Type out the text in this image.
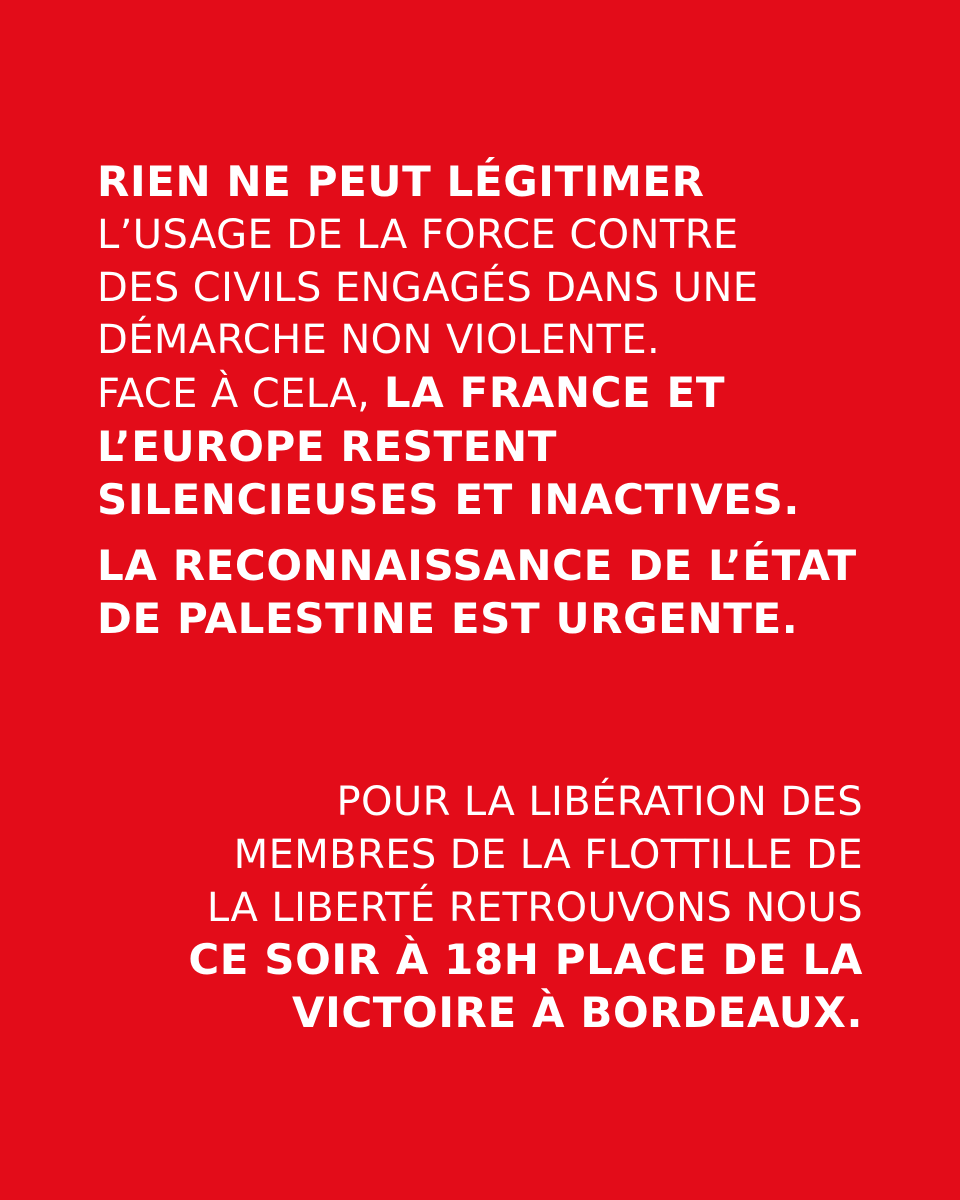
RIEN NE PEUT LÉGITIMER
L’USAGE DE LA FORCE CONTRE
DES CIVILS ENGAGÉS DANS UNE
DÉMARCHE NON VIOLENTE.
FACE À CELA, LA FRANCE ET
L’EUROPE RESTENT
SILENCIEUSES ET INACTIVES.
LA RECONNAISSANCE DE L’ÉTAT
DE PALESTINE EST URGENTE.
POUR LA LIBÉRATION DES
MEMBRES DE LA FLOTTILLE DE
LA LIBERTÉ RETROUVONS NOUS
CE SOIR À 18H PLACE DE LA
VICTOIRE À BORDEAUX.
